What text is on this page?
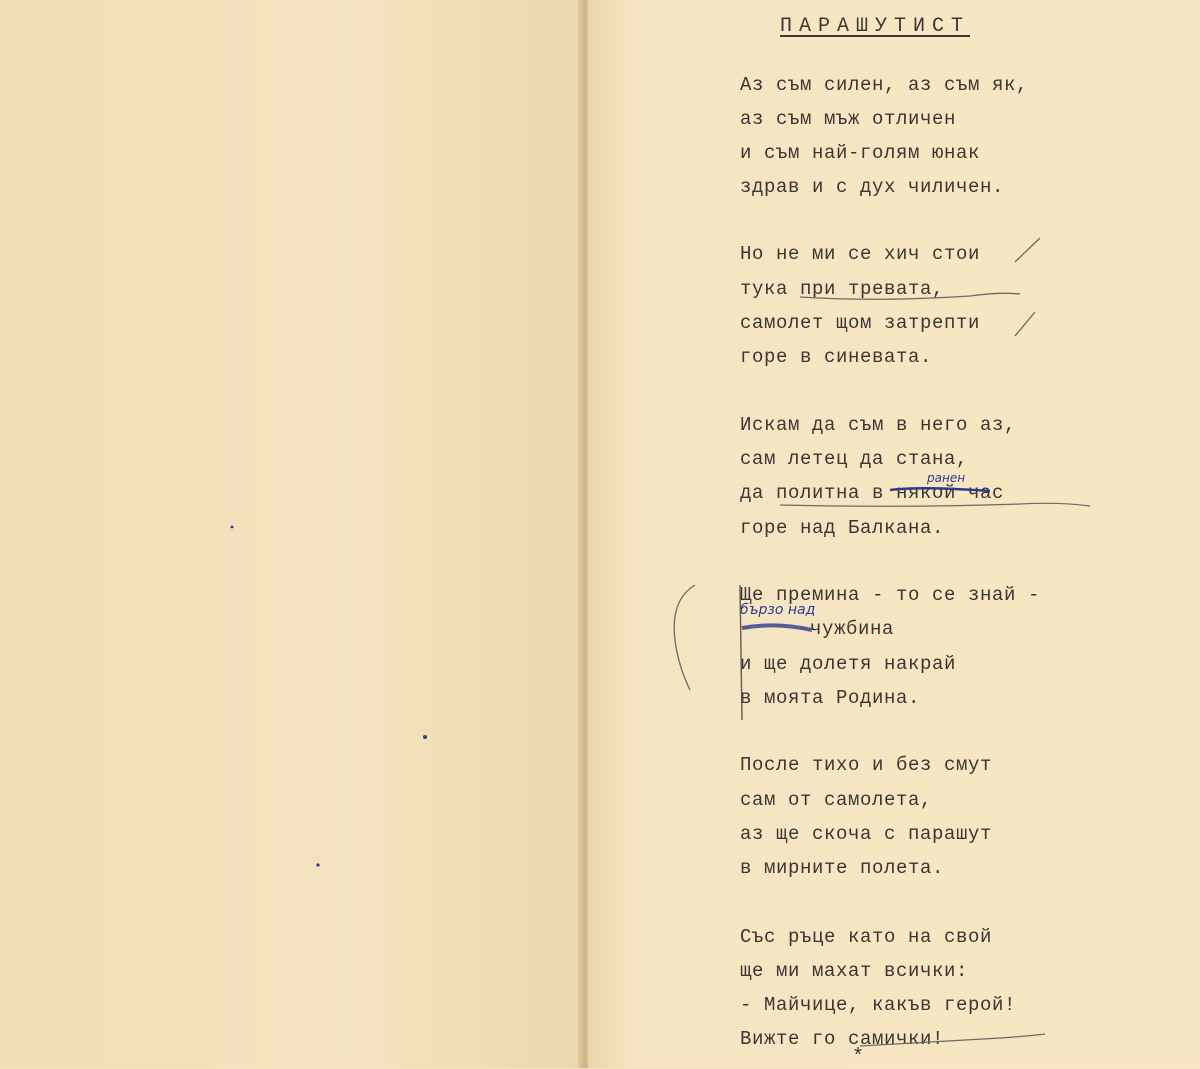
ПАРАШУТИСТ
Аз съм силен, аз съм як,
аз съм мъж отличен
и съм най-голям юнак
здрав и с дух чиличен.
Но не ми се хич стои
тука при тревата,
самолет щом затрепти
горе в синевата.
Искам да съм в него аз,
сам летец да стана,
да политна в някой час
горе над Балкана.
Ще премина - то се знай -
чужбина
и ще долетя накрай
в моята Родина.
После тихо и без смут
сам от самолета,
аз ще скоча с парашут
в мирните полета.
Със ръце като на свой
ще ми махат всички:
- Майчице, какъв герой!
Вижте го самички!
ранен
бързо над
*
